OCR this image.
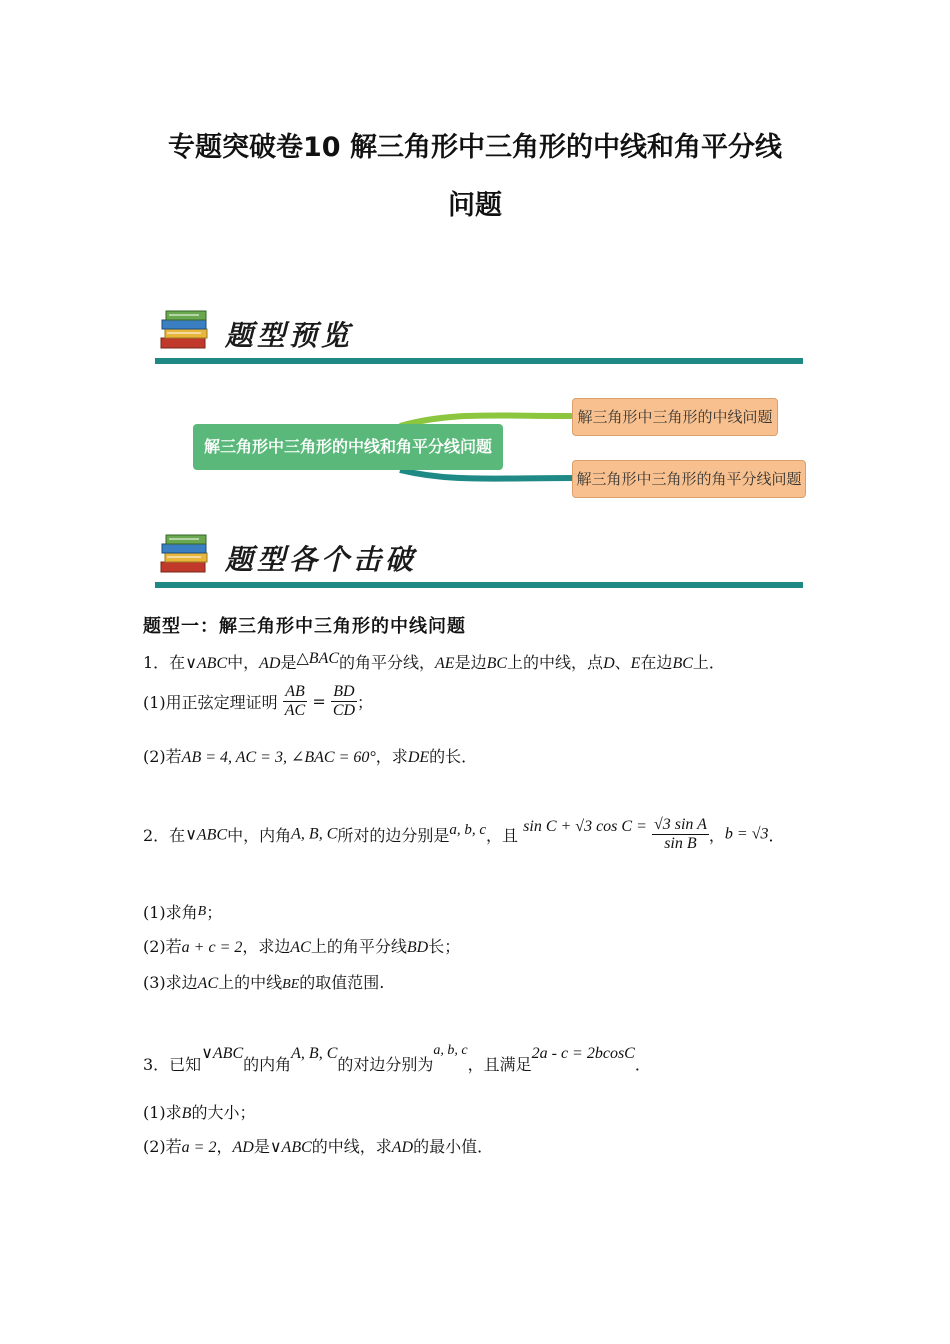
专题突破卷10 解三角形中三角形的中线和角平分线
问题
题型预览
解三角形中三角形的中线和角平分线问题
解三角形中三角形的中线问题
解三角形中三角形的角平分线问题
题型各个击破
题型一：解三角形中三角形的中线问题
1．在∨ABC中，AD是△BAC的角平分线，AE是边BC上的中线，点D、E在边BC上．
(1)用正弦定理证明 $\frac{AB}{AC} = \frac{BD}{CD}$ ；
(2)若AB = 4, AC = 3, ∠BAC = 60°，求DE的长．
2．在∨ABC中，内角A, B, C所对的边分别是a, b, c，且 sin C + √3 $\cos C = \frac{\text{√3 sin A}}{\text{sin B}}$ ，b = √3．
(1)求角B；
(2)若a + c = 2，求边AC上的角平分线BD长；
(3)求边AC上的中线BE的取值范围.
3．已知∨ABC的内角A, B, C的对边分别为a, b, c，且满足2a - c = 2bcosC．
(1)求B的大小；
(2)若a = 2，AD是∨ABC的中线，求AD的最小值．
